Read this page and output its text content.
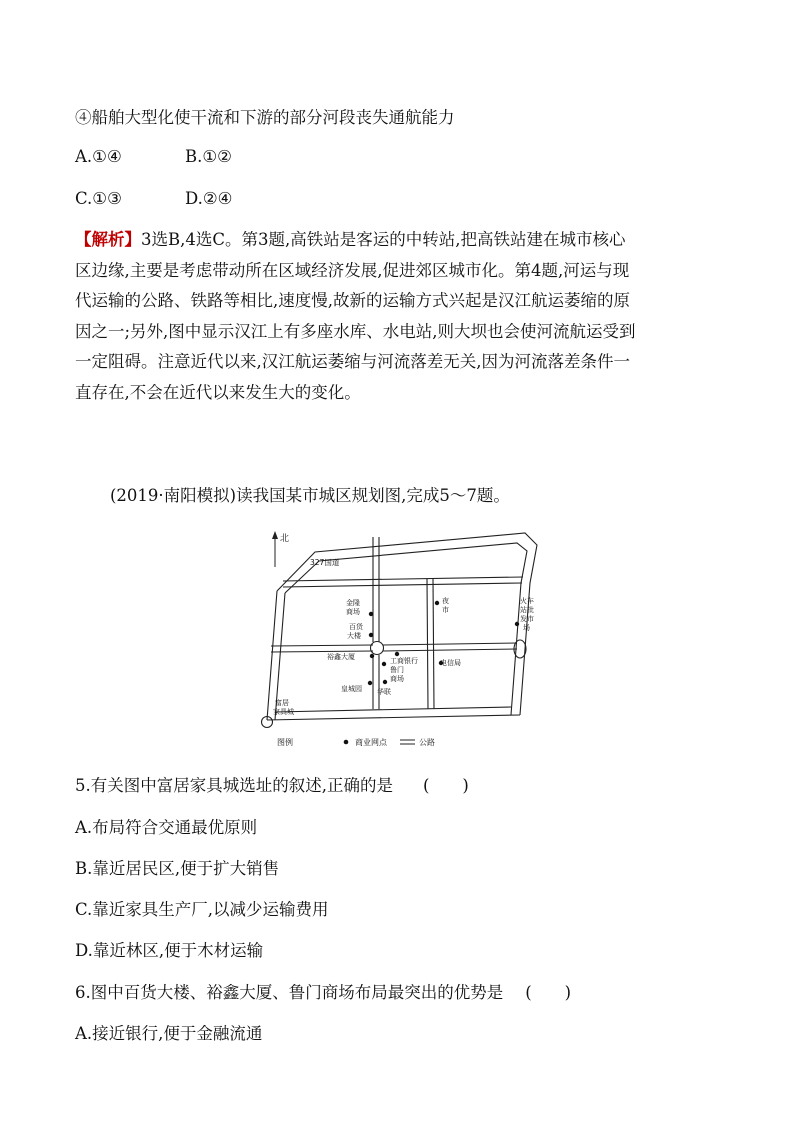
④船舶大型化使干流和下游的部分河段丧失通航能力
A.①④	B.①②
C.①③	D.②④
【解析】3选B,4选C。第3题,高铁站是客运的中转站,把高铁站建在城市核心
区边缘,主要是考虑带动所在区域经济发展,促进郊区城市化。第4题,河运与现
代运输的公路、铁路等相比,速度慢,故新的运输方式兴起是汉江航运萎缩的原
因之一;另外,图中显示汉江上有多座水库、水电站,则大坝也会使河流航运受到
一定阻碍。注意近代以来,汉江航运萎缩与河流落差无关,因为河流落差条件一
直存在,不会在近代以来发生大的变化。
(2019·南阳模拟)读我国某市城区规划图,完成5～7题。
北
327国道
金隆
商场
百货
大楼
裕鑫大厦	工商银行
鲁门
商场
华联
皇城园
电信局
夜
市
火车
站批
发市
场
富居
家具城
图例	商业网点	公路
5.有关图中富居家具城选址的叙述,正确的是 (　　)
A.布局符合交通最优原则
B.靠近居民区,便于扩大销售
C.靠近家具生产厂,以减少运输费用
D.靠近林区,便于木材运输
6.图中百货大楼、裕鑫大厦、鲁门商场布局最突出的优势是 (　　)
A.接近银行,便于金融流通
